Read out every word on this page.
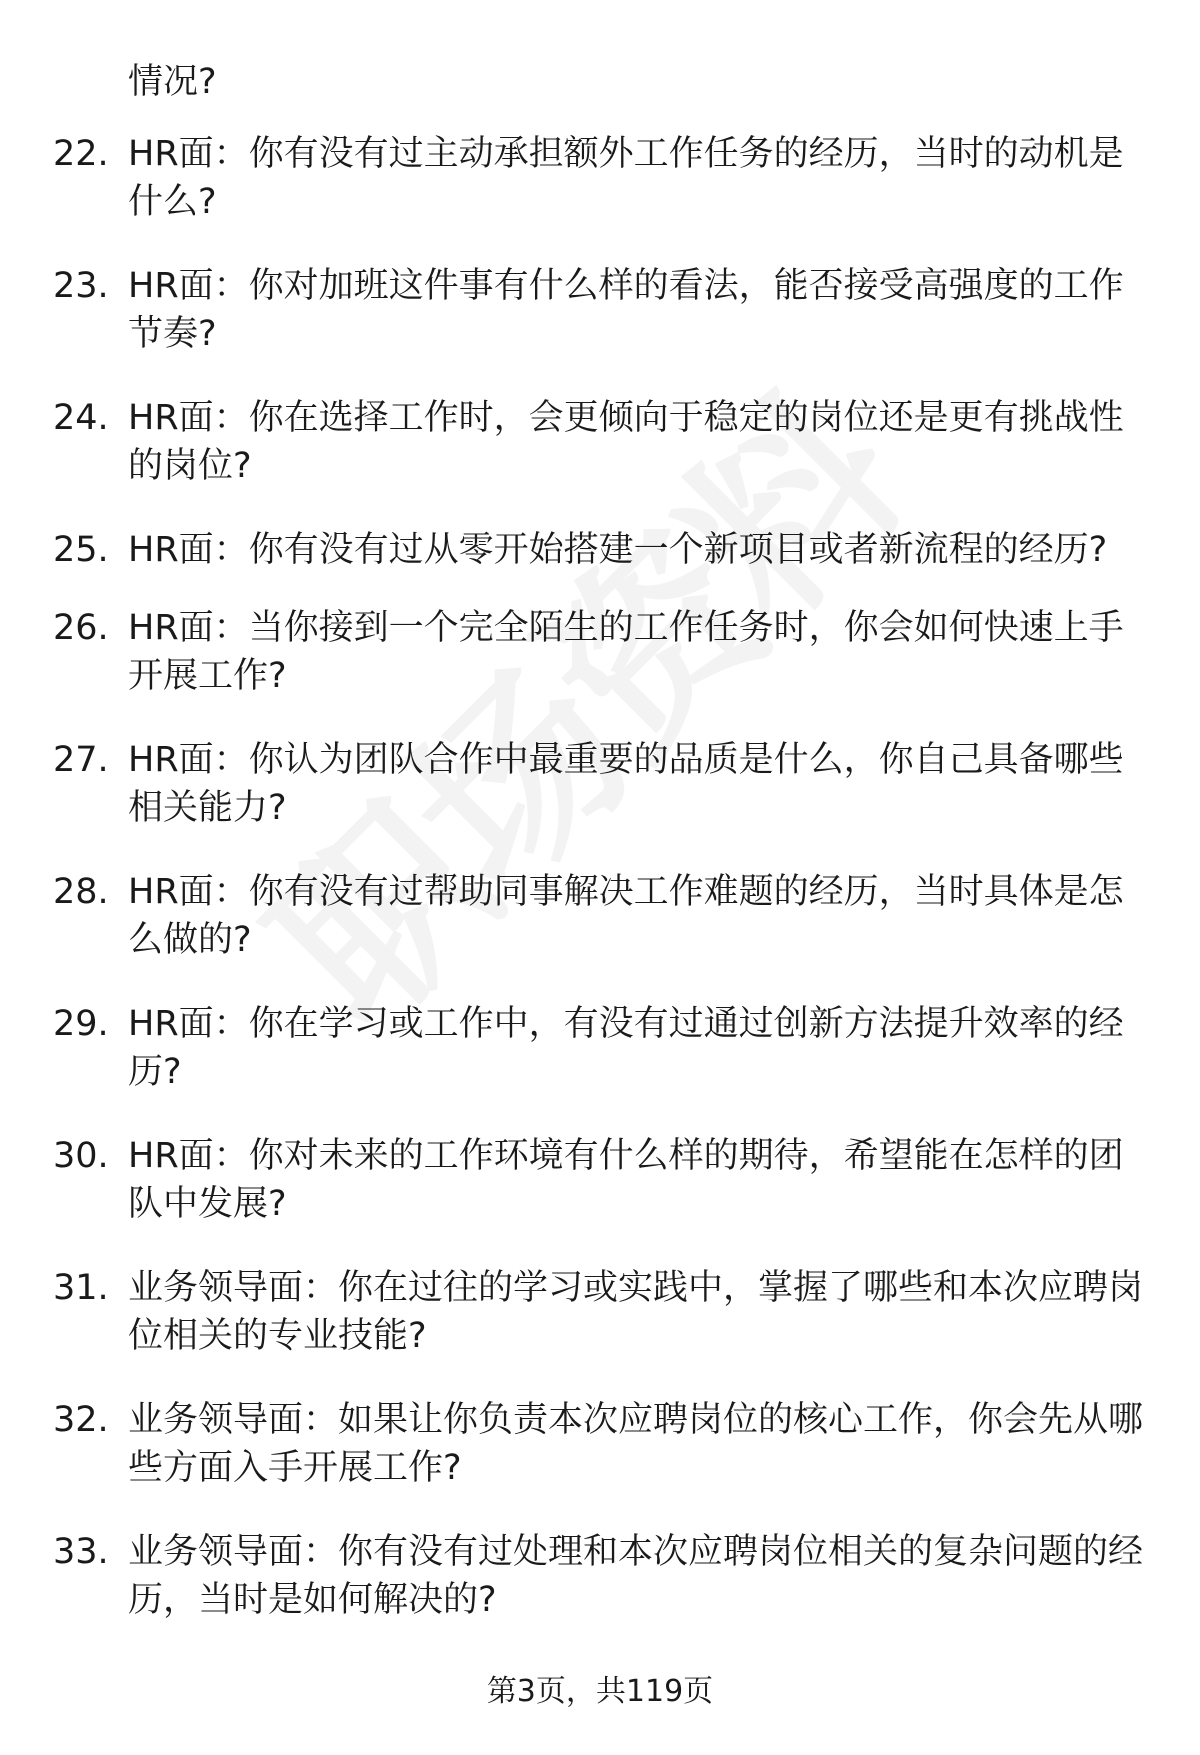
情况?
22. HR面：你有没有过主动承担额外工作任务的经历，当时的动机是什么?
23. HR面：你对加班这件事有什么样的看法，能否接受高强度的工作节奏?
24. HR面：你在选择工作时，会更倾向于稳定的岗位还是更有挑战性的岗位?
25. HR面：你有没有过从零开始搭建一个新项目或者新流程的经历?
26. HR面：当你接到一个完全陌生的工作任务时，你会如何快速上手开展工作?
27. HR面：你认为团队合作中最重要的品质是什么，你自己具备哪些相关能力?
28. HR面：你有没有过帮助同事解决工作难题的经历，当时具体是怎么做的?
29. HR面：你在学习或工作中，有没有过通过创新方法提升效率的经历?
30. HR面：你对未来的工作环境有什么样的期待，希望能在怎样的团队中发展?
31. 业务领导面：你在过往的学习或实践中，掌握了哪些和本次应聘岗位相关的专业技能?
32. 业务领导面：如果让你负责本次应聘岗位的核心工作，你会先从哪些方面入手开展工作?
33. 业务领导面：你有没有过处理和本次应聘岗位相关的复杂问题的经历，当时是如何解决的?
第3页，共119页
